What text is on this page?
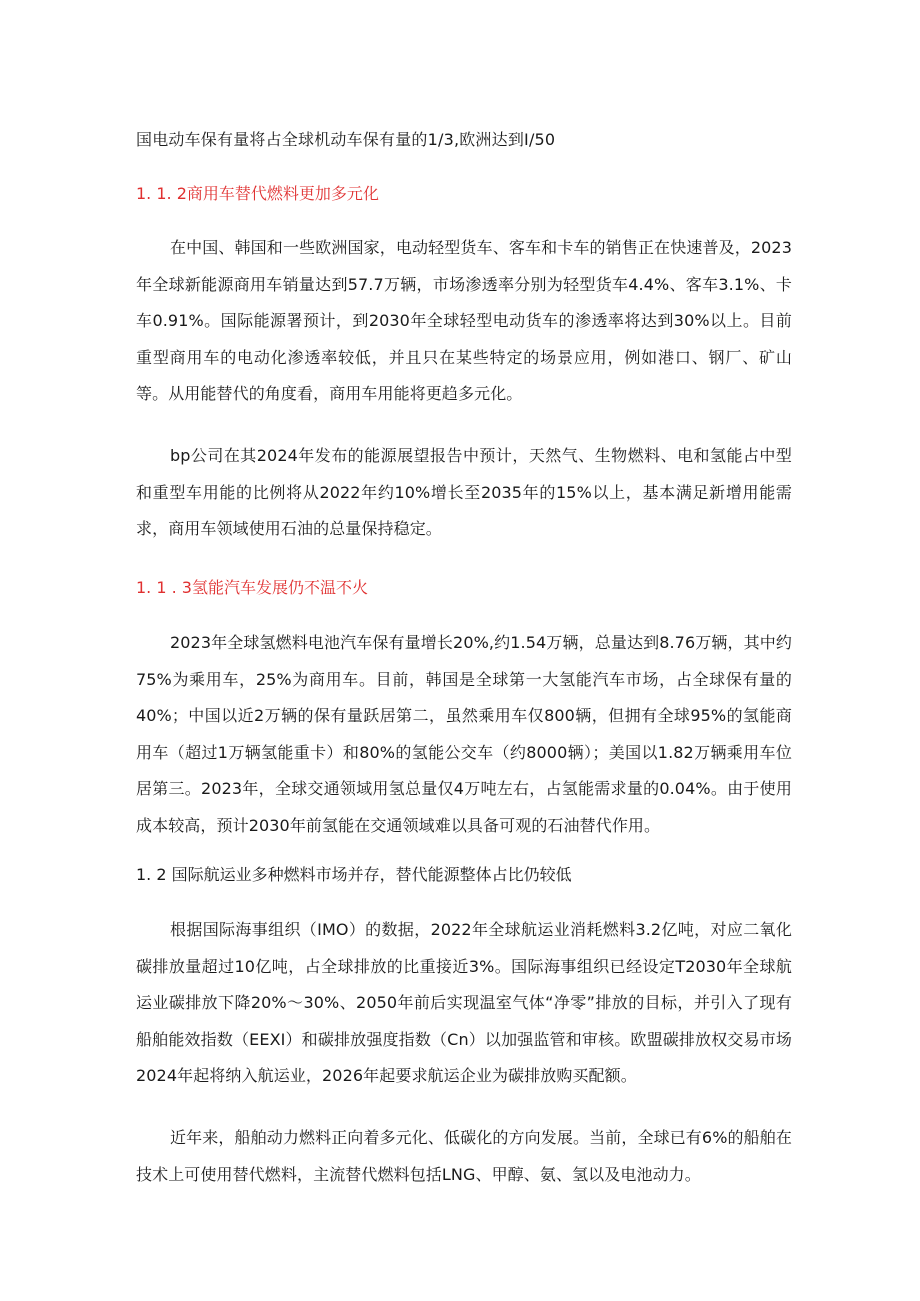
国电动车保有量将占全球机动车保有量的1/3,欧洲达到Ι/50
1. 1. 2商用车替代燃料更加多元化
在中国、韩国和一些欧洲国家，电动轻型货车、客车和卡车的销售正在快速普及，2023年全球新能源商用车销量达到57.7万辆，市场渗透率分别为轻型货车4.4%、客车3.1%、卡车0.91%。国际能源署预计，到2030年全球轻型电动货车的渗透率将达到30%以上。目前重型商用车的电动化渗透率较低，并且只在某些特定的场景应用，例如港口、钢厂、矿山等。从用能替代的角度看，商用车用能将更趋多元化。
bp公司在其2024年发布的能源展望报告中预计，天然气、生物燃料、电和氢能占中型和重型车用能的比例将从2022年约10%增长至2035年的15%以上，基本满足新增用能需求，商用车领域使用石油的总量保持稳定。
1. 1 . 3氢能汽车发展仍不温不火
2023年全球氢燃料电池汽车保有量增长20%,约1.54万辆，总量达到8.76万辆，其中约75%为乘用车，25%为商用车。目前，韩国是全球第一大氢能汽车市场，占全球保有量的40%；中国以近2万辆的保有量跃居第二，虽然乘用车仅800辆，但拥有全球95%的氢能商用车（超过1万辆氢能重卡）和80%的氢能公交车（约8000辆）；美国以1.82万辆乘用车位居第三。2023年，全球交通领域用氢总量仅4万吨左右，占氢能需求量的0.04%。由于使用成本较高，预计2030年前氢能在交通领域难以具备可观的石油替代作用。
1. 2 国际航运业多种燃料市场并存，替代能源整体占比仍较低
根据国际海事组织（IMO）的数据，2022年全球航运业消耗燃料3.2亿吨，对应二氧化碳排放量超过10亿吨，占全球排放的比重接近3%。国际海事组织已经设定T2030年全球航运业碳排放下降20%〜30%、2050年前后实现温室气体“净零”排放的目标，并引入了现有船舶能效指数（EEXI）和碳排放强度指数（Cn）以加强监管和审核。欧盟碳排放权交易市场2024年起将纳入航运业，2026年起要求航运企业为碳排放购买配额。
近年来，船舶动力燃料正向着多元化、低碳化的方向发展。当前，全球已有6%的船舶在技术上可使用替代燃料，主流替代燃料包括LNG、甲醇、氨、氢以及电池动力。
